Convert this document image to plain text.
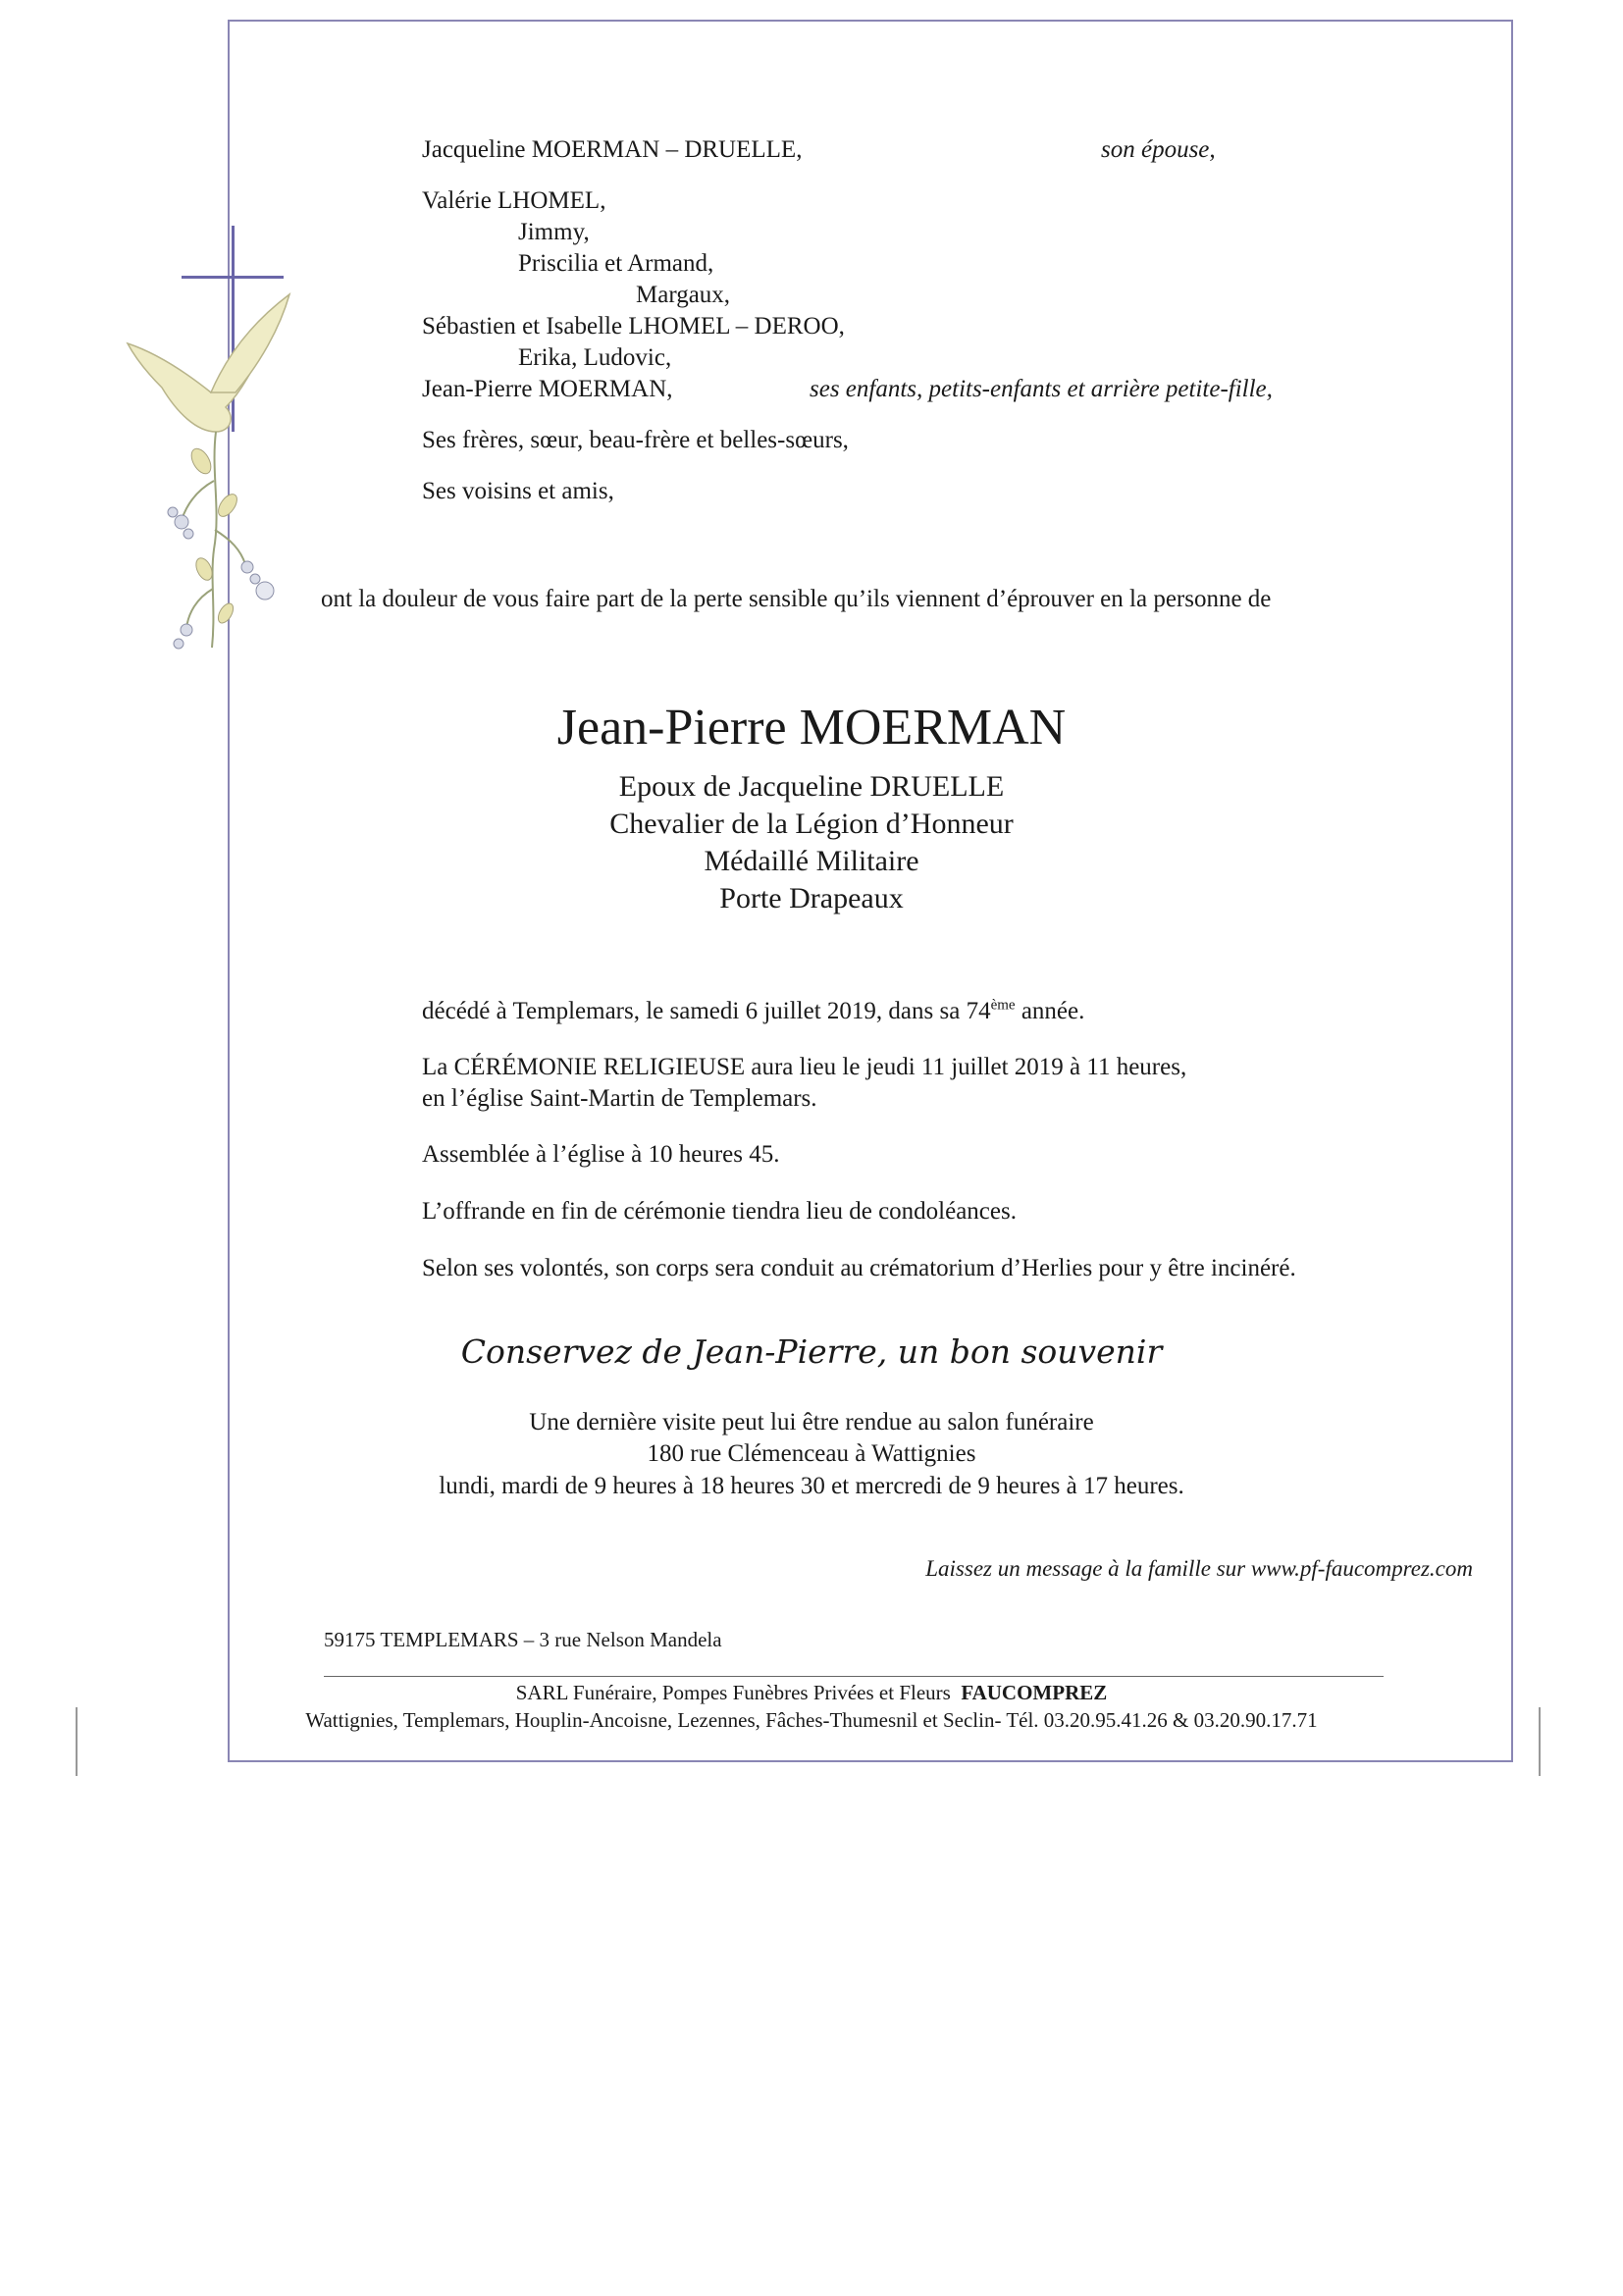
Jacqueline MOERMAN – DRUELLE,	son épouse,
Valérie LHOMEL,
Jimmy,
Priscilia et Armand,
Margaux,
Sébastien et Isabelle LHOMEL – DEROO,
Erika, Ludovic,
Jean-Pierre MOERMAN,	ses enfants, petits-enfants et arrière petite-fille,
Ses frères, sœur, beau-frère et belles-sœurs,
Ses voisins et amis,
ont la douleur de vous faire part de la perte sensible qu’ils viennent d’éprouver en la personne de
Jean-Pierre MOERMAN
Epoux de Jacqueline DRUELLE
Chevalier de la Légion d’Honneur
Médaillé Militaire
Porte Drapeaux
décédé à Templemars, le samedi 6 juillet 2019, dans sa 74ème année.
La CÉRÉMONIE RELIGIEUSE aura lieu le jeudi 11 juillet 2019 à 11 heures,
en l’église Saint-Martin de Templemars.
Assemblée à l’église à 10 heures 45.
L’offrande en fin de cérémonie tiendra lieu de condoléances.
Selon ses volontés, son corps sera conduit au crématorium d’Herlies pour y être incinéré.
Conservez de Jean-Pierre, un bon souvenir
Une dernière visite peut lui être rendue au salon funéraire
180 rue Clémenceau à Wattignies
lundi, mardi de 9 heures à 18 heures 30 et mercredi de 9 heures à 17 heures.
Laissez un message à la famille sur www.pf-faucomprez.com
59175 TEMPLEMARS – 3 rue Nelson Mandela
SARL Funéraire, Pompes Funèbres Privées et Fleurs FAUCOMPREZ
Wattignies, Templemars, Houplin-Ancoisne, Lezennes, Fâches-Thumesnil et Seclin- Tél. 03.20.95.41.26 & 03.20.90.17.71
